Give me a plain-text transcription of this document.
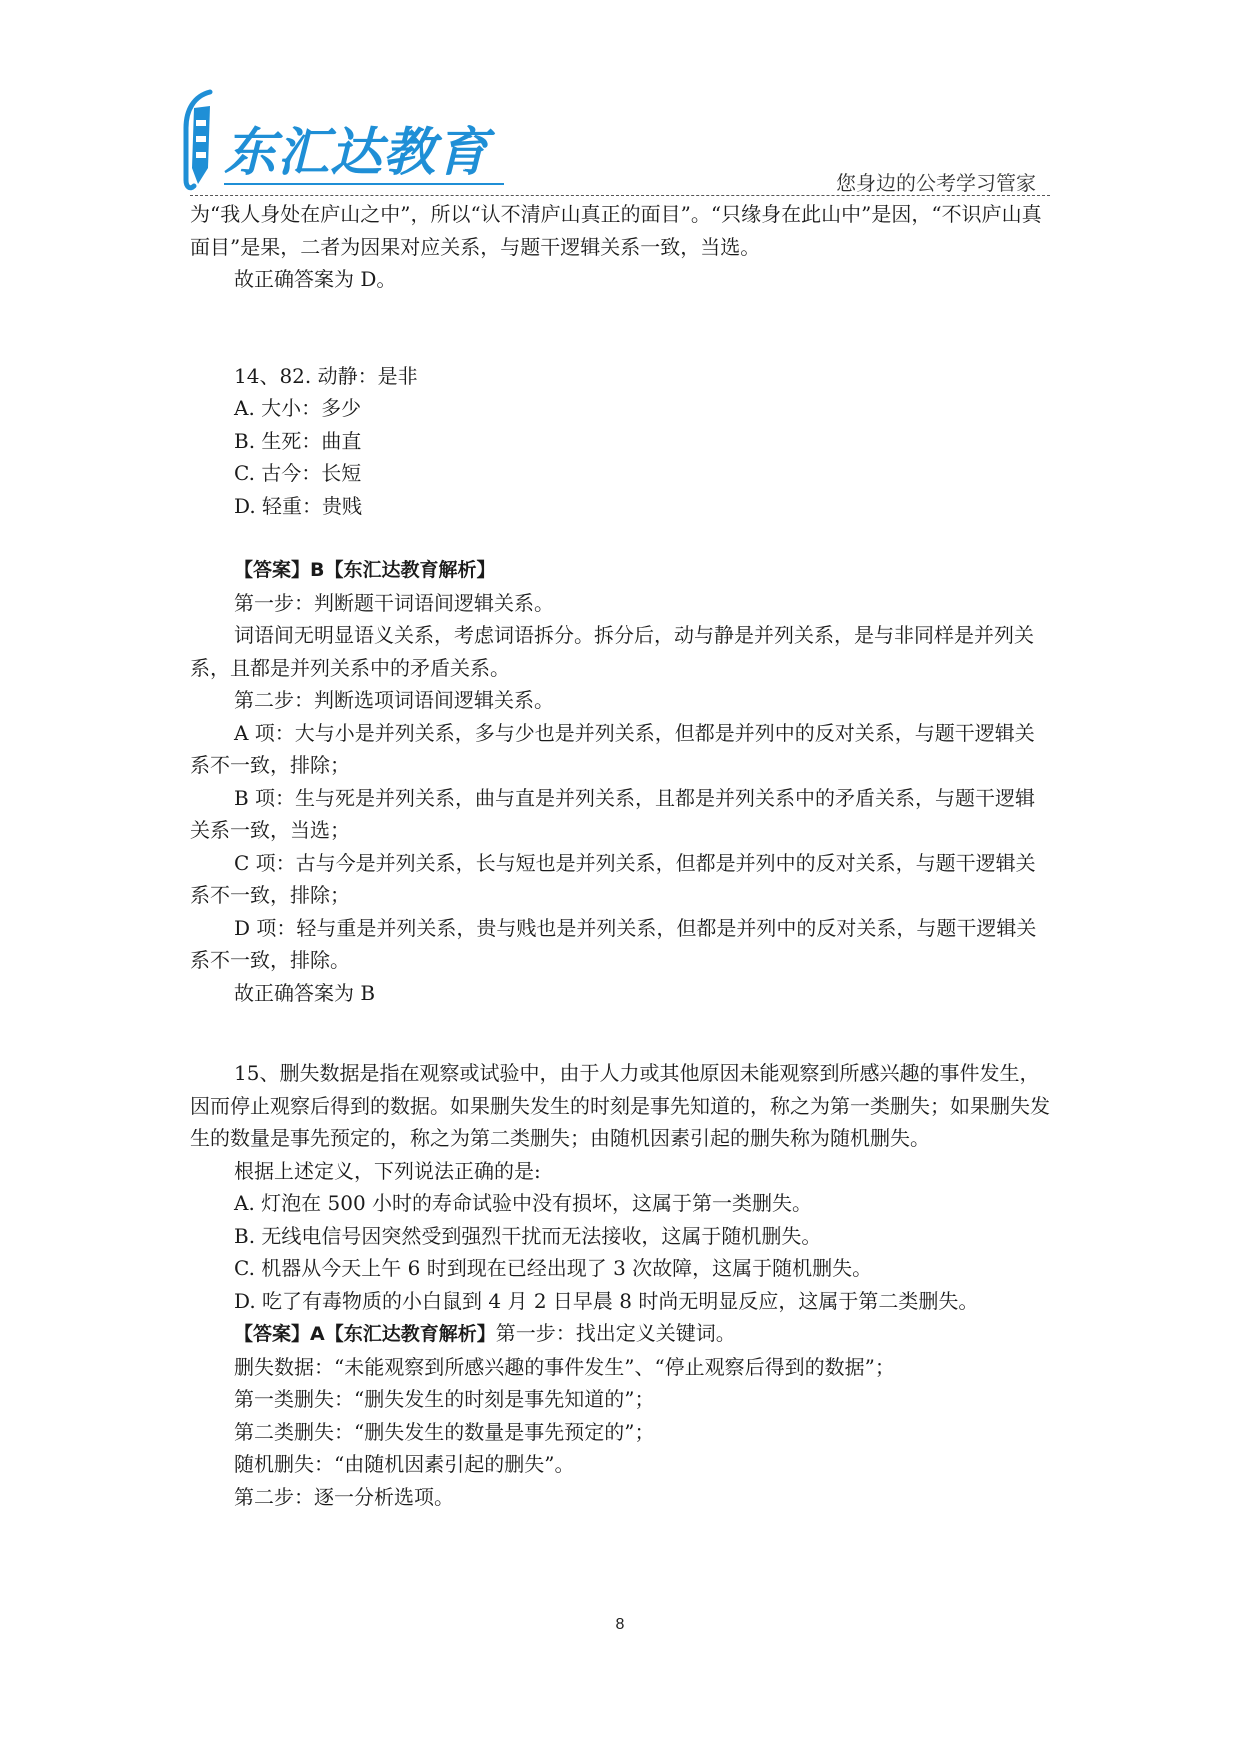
东汇达教育	您身边的公考学习管家

为“我人身处在庐山之中”，所以“认不清庐山真正的面目”。“只缘身在此山中”是因，“不识庐山真面目”是果，二者为因果对应关系，与题干逻辑关系一致，当选。

故正确答案为 D。

14、82. 动静：是非

A. 大小：多少

B. 生死：曲直

C. 古今：长短

D. 轻重：贵贱

【答案】B【东汇达教育解析】

第一步：判断题干词语间逻辑关系。

词语间无明显语义关系，考虑词语拆分。拆分后，动与静是并列关系，是与非同样是并列关系，且都是并列关系中的矛盾关系。

第二步：判断选项词语间逻辑关系。

A 项：大与小是并列关系，多与少也是并列关系，但都是并列中的反对关系，与题干逻辑关系不一致，排除；

B 项：生与死是并列关系，曲与直是并列关系，且都是并列关系中的矛盾关系，与题干逻辑关系一致，当选；

C 项：古与今是并列关系，长与短也是并列关系，但都是并列中的反对关系，与题干逻辑关系不一致，排除；

D 项：轻与重是并列关系，贵与贱也是并列关系，但都是并列中的反对关系，与题干逻辑关系不一致，排除。

故正确答案为 B

15、删失数据是指在观察或试验中，由于人力或其他原因未能观察到所感兴趣的事件发生，因而停止观察后得到的数据。如果删失发生的时刻是事先知道的，称之为第一类删失；如果删失发生的数量是事先预定的，称之为第二类删失；由随机因素引起的删失称为随机删失。

根据上述定义，下列说法正确的是:

A. 灯泡在 500 小时的寿命试验中没有损坏，这属于第一类删失。

B. 无线电信号因突然受到强烈干扰而无法接收，这属于随机删失。

C. 机器从今天上午 6 时到现在已经出现了 3 次故障，这属于随机删失。

D. 吃了有毒物质的小白鼠到 4 月 2 日早晨 8 时尚无明显反应，这属于第二类删失。

【答案】A【东汇达教育解析】第一步：找出定义关键词。

删失数据：“未能观察到所感兴趣的事件发生”、“停止观察后得到的数据”；

第一类删失：“删失发生的时刻是事先知道的”；

第二类删失：“删失发生的数量是事先预定的”；

随机删失：“由随机因素引起的删失”。

第二步：逐一分析选项。

8
